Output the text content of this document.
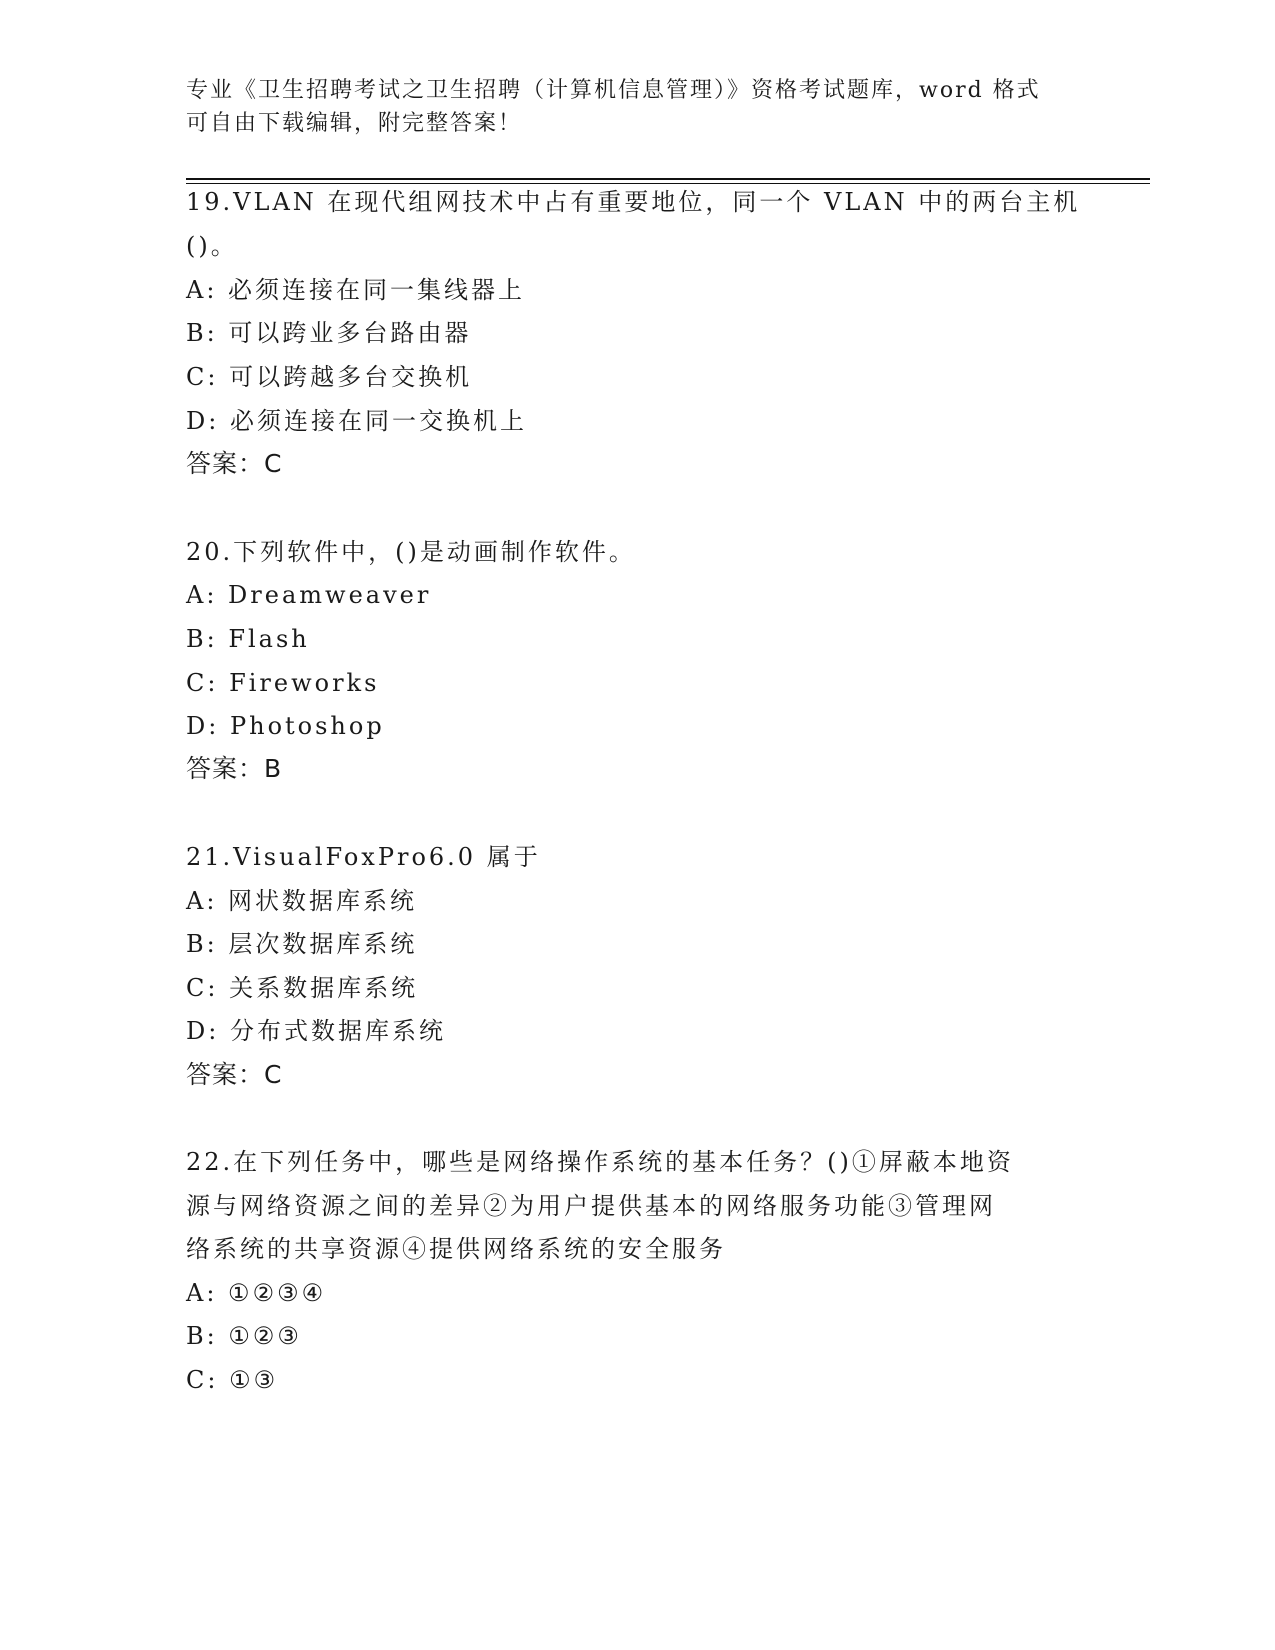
专业《卫生招聘考试之卫生招聘（计算机信息管理）》资格考试题库，word 格式
可自由下载编辑，附完整答案！
19.VLAN 在现代组网技术中占有重要地位，同一个 VLAN 中的两台主机
()。
A: 必须连接在同一集线器上
B: 可以跨业多台路由器
C: 可以跨越多台交换机
D: 必须连接在同一交换机上
答案：C
20.下列软件中，()是动画制作软件。
A: Dreamweaver
B: Flash
C: Fireworks
D: Photoshop
答案：B
21.VisualFoxPro6.0 属于
A: 网状数据库系统
B: 层次数据库系统
C: 关系数据库系统
D: 分布式数据库系统
答案：C
22.在下列任务中，哪些是网络操作系统的基本任务？()①屏蔽本地资
源与网络资源之间的差异②为用户提供基本的网络服务功能③管理网
络系统的共享资源④提供网络系统的安全服务
A: ①②③④
B: ①②③
C: ①③
